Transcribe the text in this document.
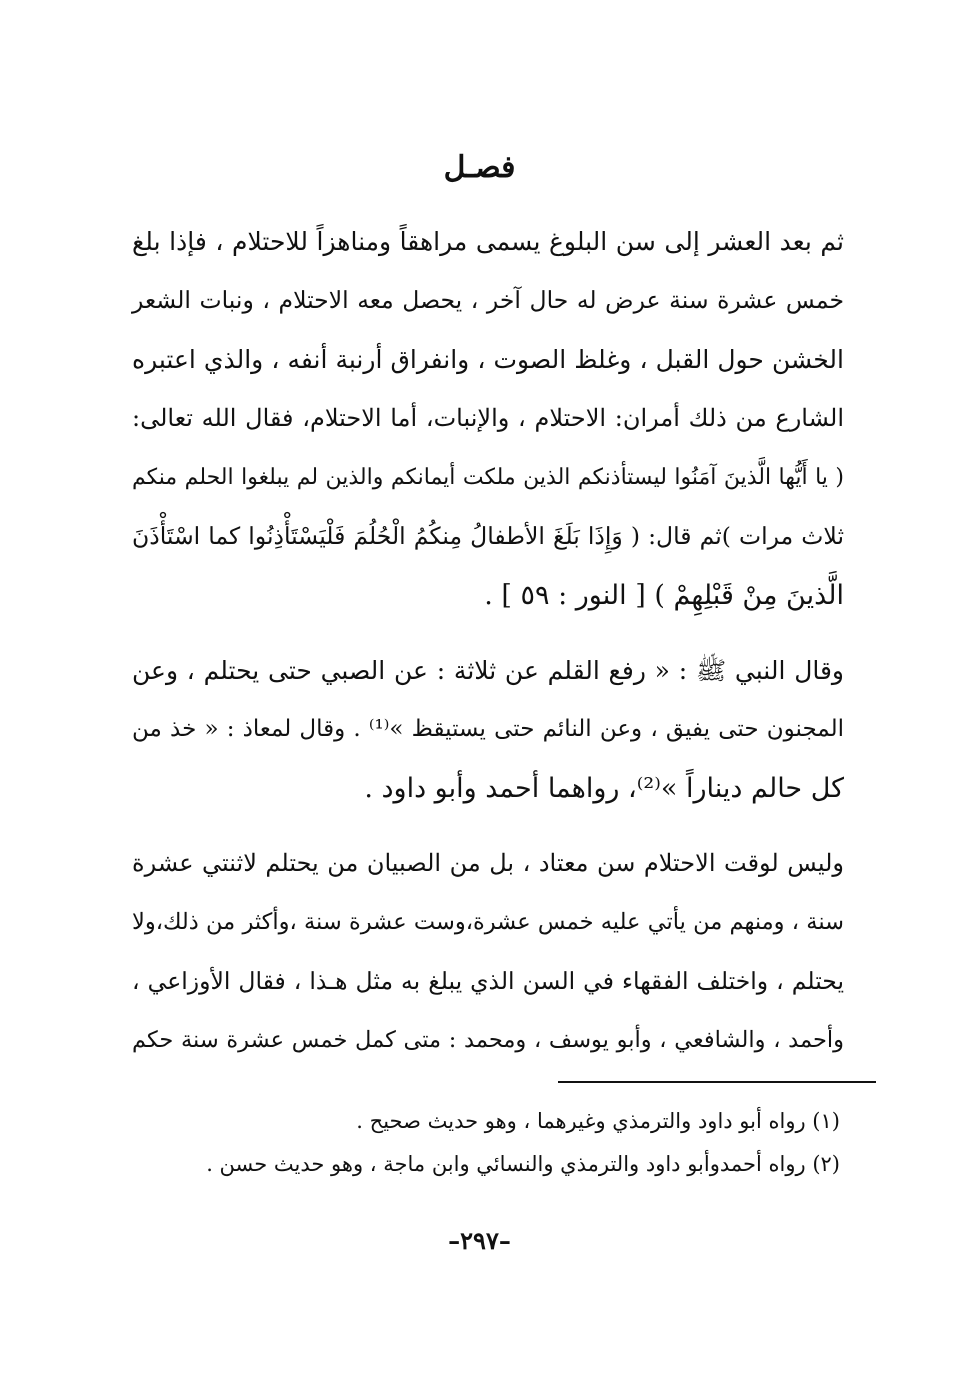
فصـل
ثم بعد العشر إلى سن البلوغ يسمى مراهقاً ومناهزاً للاحتلام ، فإذا بلغ
خمس عشرة سنة عرض له حال آخر ، يحصل معه الاحتلام ، ونبات الشعر
الخشن حول القبل ، وغلظ الصوت ، وانفراق أرنبة أنفه ، والذي اعتبره
الشارع من ذلك أمران: الاحتلام ، والإنبات، أما الاحتلام، فقال الله تعالى:
( يا أَيُّها الَّذينَ آمَنُوا ليستأذنكم الذين ملكت أيمانكم والذين لم يبلغوا الحلم منكم
ثلاث مرات )ثم قال: ( وَإِذَا بَلَغَ الأطفالُ مِنكُمُ الْحُلُمَ فَلْيَسْتَأْذِنُوا كما اسْتَأْذَنَ
الَّذينَ مِنْ قَبْلِهِمْ ) [ النور : ٥٩ ] .
وقال النبي ﷺ : « رفع القلم عن ثلاثة : عن الصبي حتى يحتلم ، وعن
المجنون حتى يفيق ، وعن النائم حتى يستيقظ »⁽¹⁾ . وقال لمعاذ : « خذ من
كل حالم ديناراً »⁽²⁾، رواهما أحمد وأبو داود .
وليس لوقت الاحتلام سن معتاد ، بل من الصبيان من يحتلم لاثنتي عشرة
سنة ، ومنهم من يأتي عليه خمس عشرة،وست عشرة سنة ،وأكثر من ذلك،ولا
يحتلم ، واختلف الفقهاء في السن الذي يبلغ به مثل هـذا ، فقال الأوزاعي ،
وأحمد ، والشافعي ، وأبو يوسف ، ومحمد : متى كمل خمس عشرة سنة حكم
(١) رواه أبو داود والترمذي وغيرهما ، وهو حديث صحيح .
(٢) رواه أحمدوأبو داود والترمذي والنسائي وابن ماجة ، وهو حديث حسن .
–٢٩٧–
